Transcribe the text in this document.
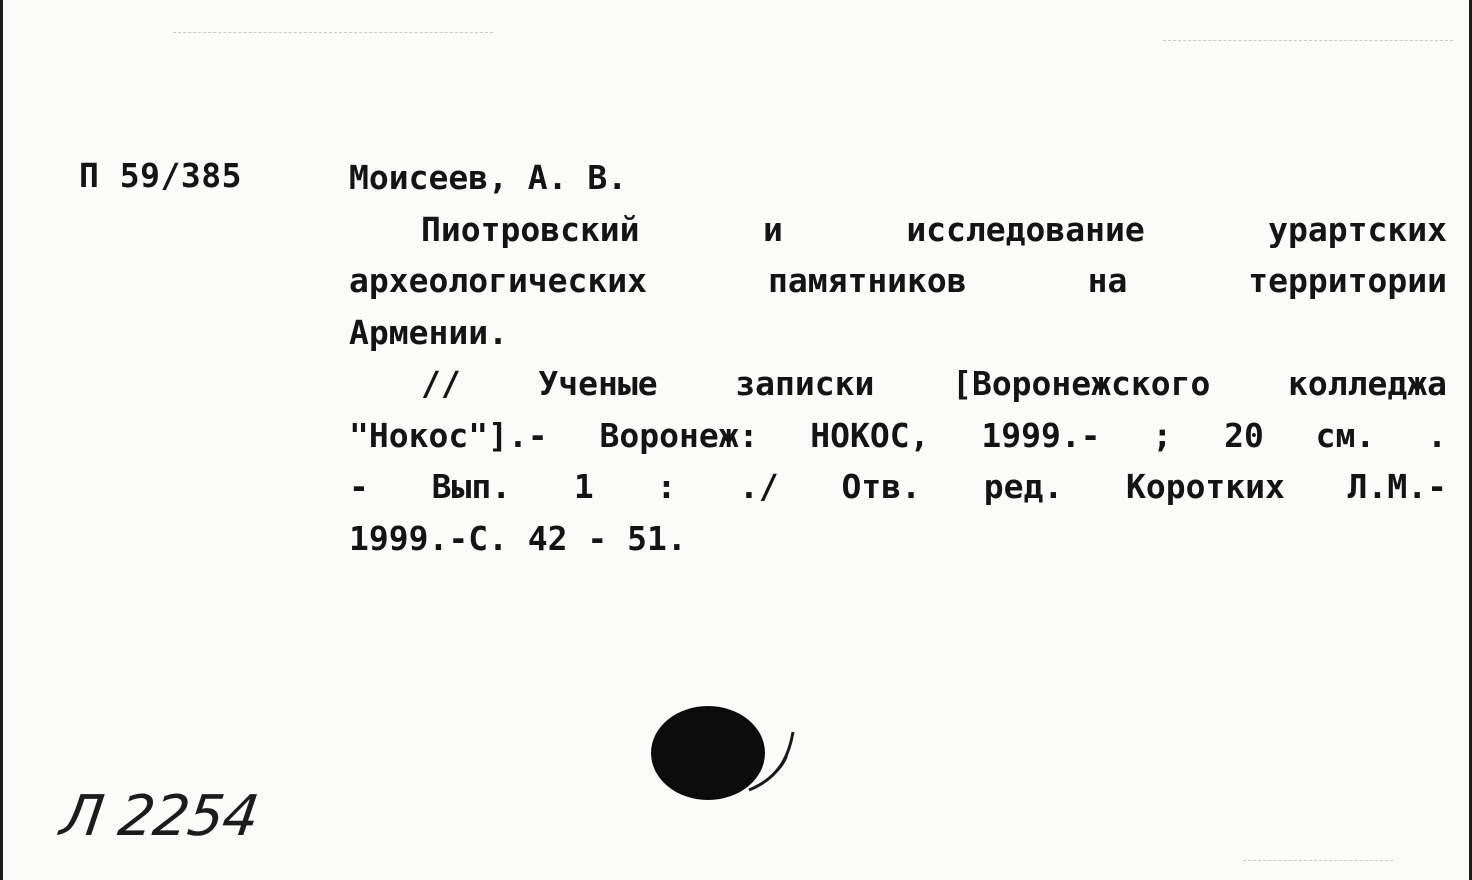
П 59/385	Моисеев, А. В.
Пиотровский и исследование урартских
археологических памятников на территории
Армении.
// Ученые записки [Воронежского колледжа
"Нокос"].- Воронеж: НОКОС, 1999.- ; 20 см. .
- Вып. 1 : ./ Отв. ред. Коротких Л.М.-
1999.-С. 42 - 51.
Л 2254
